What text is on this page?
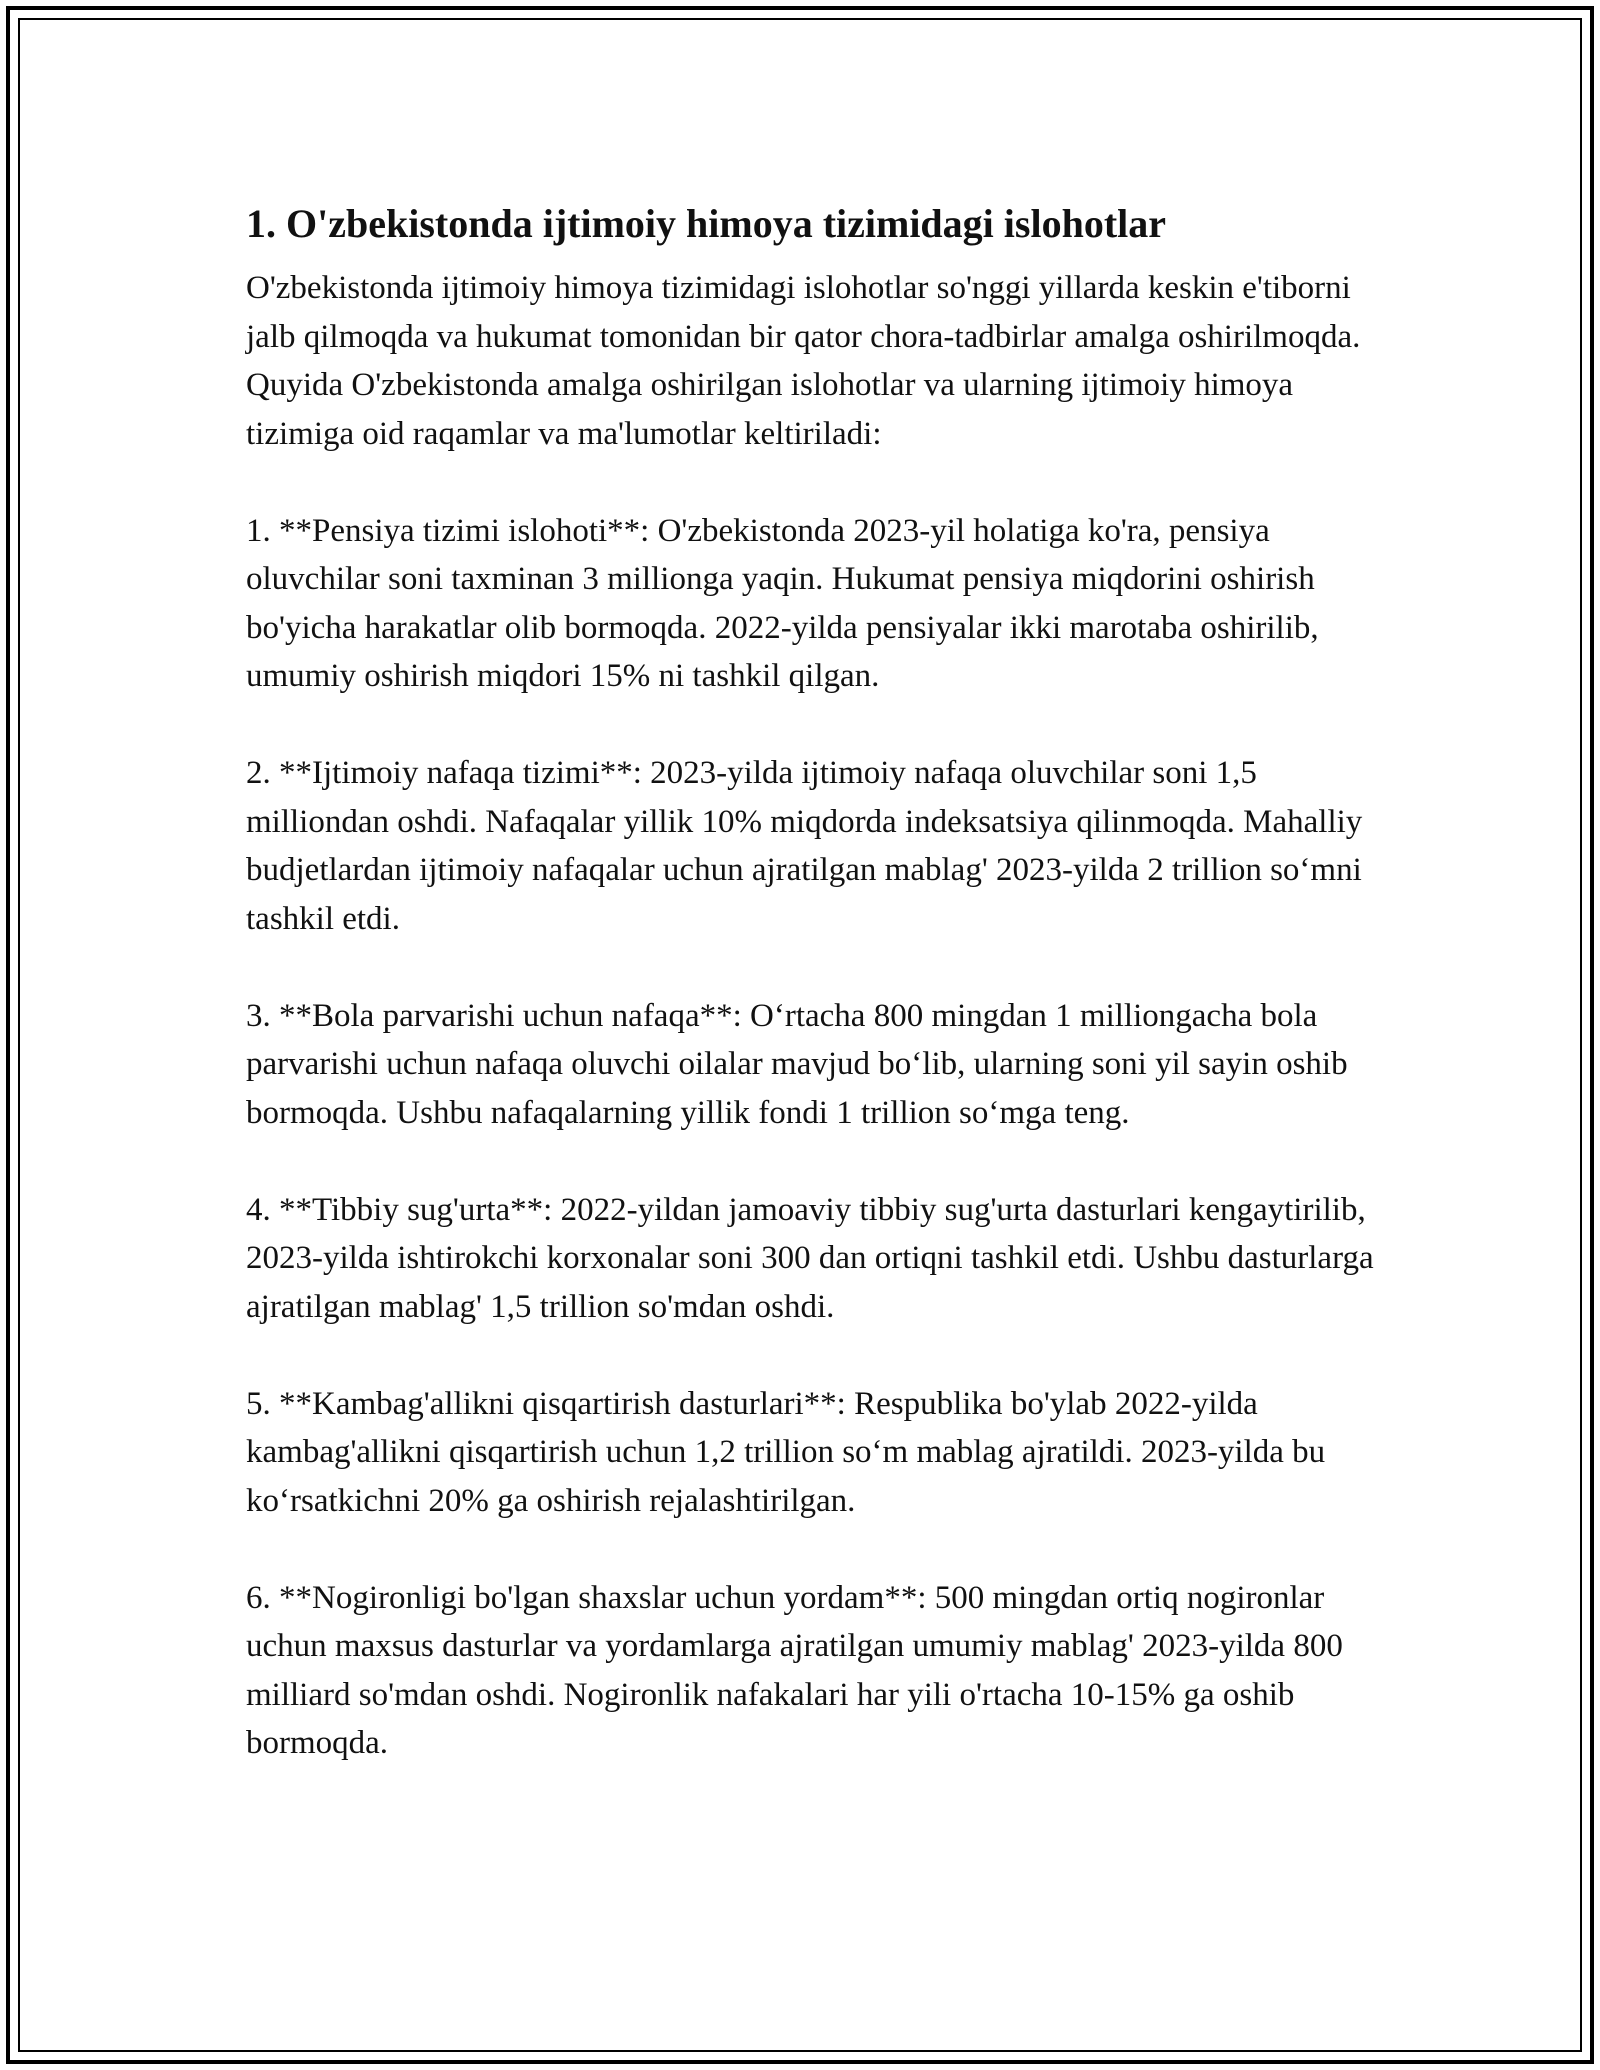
1. O'zbekistonda ijtimoiy himoya tizimidagi islohotlar

O'zbekistonda ijtimoiy himoya tizimidagi islohotlar so'nggi yillarda keskin e'tiborni jalb qilmoqda va hukumat tomonidan bir qator chora-tadbirlar amalga oshirilmoqda. Quyida O'zbekistonda amalga oshirilgan islohotlar va ularning ijtimoiy himoya tizimiga oid raqamlar va ma'lumotlar keltiriladi:

1. **Pensiya tizimi islohoti**: O'zbekistonda 2023-yil holatiga ko'ra, pensiya oluvchilar soni taxminan 3 millionga yaqin. Hukumat pensiya miqdorini oshirish bo'yicha harakatlar olib bormoqda. 2022-yilda pensiyalar ikki marotaba oshirilib, umumiy oshirish miqdori 15% ni tashkil qilgan.

2. **Ijtimoiy nafaqa tizimi**: 2023-yilda ijtimoiy nafaqa oluvchilar soni 1,5 milliondan oshdi. Nafaqalar yillik 10% miqdorda indeksatsiya qilinmoqda. Mahalliy budjetlardan ijtimoiy nafaqalar uchun ajratilgan mablag' 2023-yilda 2 trillion so‘mni tashkil etdi.

3. **Bola parvarishi uchun nafaqa**: O‘rtacha 800 mingdan 1 milliongacha bola parvarishi uchun nafaqa oluvchi oilalar mavjud bo‘lib, ularning soni yil sayin oshib bormoqda. Ushbu nafaqalarning yillik fondi 1 trillion so‘mga teng.

4. **Tibbiy sug'urta**: 2022-yildan jamoaviy tibbiy sug'urta dasturlari kengaytirilib, 2023-yilda ishtirokchi korxonalar soni 300 dan ortiqni tashkil etdi. Ushbu dasturlarga ajratilgan mablag' 1,5 trillion so'mdan oshdi.

5. **Kambag'allikni qisqartirish dasturlari**: Respublika bo'ylab 2022-yilda kambag'allikni qisqartirish uchun 1,2 trillion so‘m mablag ajratildi. 2023-yilda bu ko‘rsatkichni 20% ga oshirish rejalashtirilgan.

6. **Nogironligi bo'lgan shaxslar uchun yordam**: 500 mingdan ortiq nogironlar uchun maxsus dasturlar va yordamlarga ajratilgan umumiy mablag' 2023-yilda 800 milliard so'mdan oshdi. Nogironlik nafakalari har yili o'rtacha 10-15% ga oshib bormoqda.
